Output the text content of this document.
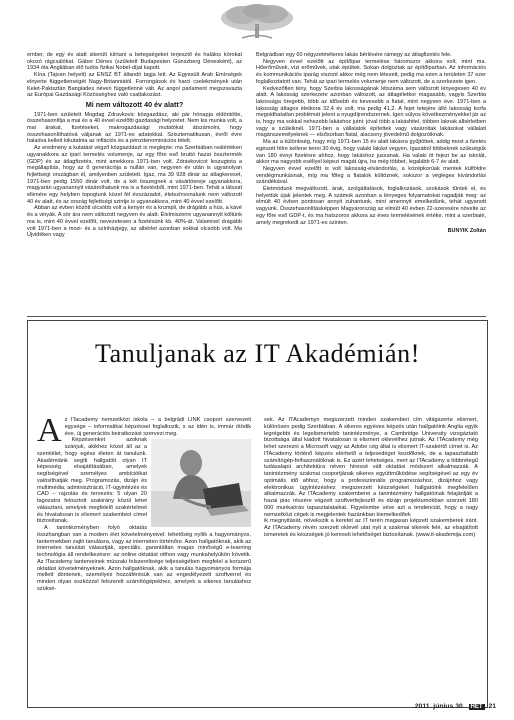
ember, de egy év alatt sikerült kiírtani a betegségeket terjesztő és halálos kórokat okozó rágcsálókat. Gábor Dénes (született Budapesten Günszberg Dénesként), az 1934 óta Angliában élő tudós fizikai Nobel-díjat kapott.

Kína (Tajvan helyett) az ENSZ BT állandó tagja lett. Az Egyesült Arab Emírségek elnyerte függetlenségét Nagy-Britanniától. Forrongások és harci cselekmények után Kelet-Pakisztán Banglades néven függetlenné vált. Az angol parlament megszavazta az Európai Gazdasági Közösséghez való csatlakozást.

Mi nem változott 40 év alatt?

1971-ben született Mogdag Zdravkovic közgazdász, aki pár hónapja eldöntötte, összehasonlítja a mai és a 40 évvel ezelőtti gazdasági helyzetet. Nem kis munka volt, a mai árakat, fizetéseket, makrogazdasági mutatókat átszámolni, hogy összehasonlíthatóvá váljanak az 1971-es adatokkal. Szisztematikusan, évről évre haladva kellett kikutatnia az inflációs és a pénzdenominációs tételt.

Az eredmény a kutatást végző közgazdászt is meglepte: ma Szerbiában reálértéken ugyanakkora az iparí termelés volumenje, az egy főre eső bruttó hazai össztermék (GDP) és az átlagfizetés, mint amekkora 1971-ben volt. Zdravkovicot leszugtota a megállapítás, hogy az ő generációja a nullán van, negyven év után is ugyanolyan fejlettségi országban él, amilyenben született. Igaz, ma 39 928 dinár az átlagkereset, 1971-ben pedig 1550 dinár volt, de a két összegnek a vásárlóereje ugyanakkora, magyarán ugyanannyit vásárolhatunk ma is a fizetésből, mint 1971-ben. Tehát a látszat ellenére egy helyben topogtunk közel fél évszázadot, életszínvonalunk nem változott 40 év alatt, és az ország fejlettségi szintje is ugyanakkora, mint 40 évvel ezelőtt.

Abban az évben között olcsóbb volt a kenyér és a krumpli, de drágább a hús, a kávé és a vinyák. A sör ára nem változott negyven év alatt. Élelmiszerre ugyanannyit költünk ma is, mint 40 évvel ezelőtt, nevezetesen a fizetésünk kb. 40%-át. Valamivel drágább volt 1971-ben a mozi- és a színházjegy, az albérlet azonban sokkal olcsóbb volt. Ma Újvidéken vagy

Belgrádban egy 60 négyzetméteres lakás bérlésére rámegy az átlagfizetés fele.

Negyven évvel ezelőtt az építőipar termelése háromszor akkora volt, mint ma. Hőerőművek, vízi erőművek, utak épültek. Sokan dolgoztak az építőiparban. Az információs és kommunikációs iparág viszont akkor még nem létezett, pedig ma ezen a területen 37 ezer foglalkoztatott van. Tehát az ipari termelés volumenje nem változott, de a szerkezete igen.

Kedvezőtlen tény, hogy Szerbia lakosságának létszáma sem változott lényegesen 40 év alatt. A lakosság szerkezete azonban változott, az átlagéletkor magasabb, vagyis Szerbia lakossága öregebb, több az idősebb és kevesebb a fiatal, mint negyven éve. 1971-ben a lakosság átlagos életkora 32,4 év volt, ma pedig 41,2. A fejet tetejére álló lakosság korfa megoldhatatlan problémát jelent a nyugdíjrendszernek. Igen súlyos következményekkel jár az is, hogy ma sokkal nehezebb lakáshoz jutni: jóval több a lakáshitel, többen laknak albérletben vagy a szüleiknél. 1971-ben a vállalatok építettek vagy vásároltak lakásokat vállalati magánszemélyeknek — elsősorban fiatal, alacsony jövedelmű dolgozóiknak.

Ma az a különbség, hogy míg 1971-ben 15 év alatt lakásra gyűjtöttek, addig most a fizetés egészét félre kellene tenni 30 évig, hogy valaki lakást vegyen. Igazából többeknek szükségük van 180 évnyi fizetésre ahhoz, hogy lakáshoz jussanak. Ha valaki itt fejezi be az iskolát, akkor ma nagyobb eséllyel képezi magát újra, ha még többet, legalább 6-7 év alatt.

Negyven évvel ezelőtt is volt lakosság-elvándorlás, a középkorúak mentek külföldre vendégmunkásnak, míg ma főleg a fiatalok költöznek, sokszor a végleges kivándorlás szándékával.

Életmódunk megváltozott, árak, szolgáltatások, foglalkozások, szokások tűntek el, és helyettük újak jelentek meg. A számok azonban a lényeges folyamatokat ragadják meg: az elmúlt 40 évben pontosan annyit zuhantunk, mint amennyit emelkedünk, tehát ugyanott vagyunk. Összehasonlításképpen Magyarország az elmúlt 40 évben 22-szeresére növelte az egy főre eső GDP-t, és ma hatszoros akkora az éves termelésének értéke, mint a szerbiaié, amely megrekedt az 1971-es szinten.

BUNYIK Zoltán
Tanuljanak az IT Akadémián!

Az ITacademy nemzetközi iskola – a belgrádi LINK csoport szervezeti egysége – informatikai képzéssel foglalkozik, s az idén is, immár ötödik éve, új generációs beiratkozást szervezi meg.

Képzéseinket azoknak szánjuk, akikhez közel áll az a szemlélet, hogy egész életen át tanulunk. Akadémiánk segíti hallgatóit olyan IT képesség elsajátításában, amelyek segítségével személyes ambícióikat valósíthatják meg. Programozás, dizájn és multimédia, adminisztráció, IT-ügyintézés és CAD – rajzolás és tervezés: 5 olyan 20 tagozatra felosztott szakirány közül lehet választani, amelyek megfelelő szakértelmet és hivatalosan is elismert szakemberi címet biztosítanak.

A tanintézményben folyó oktatás összhangban van a modern élet követelményeivel: lehetőség nyílik a hagyományos, tantermekben zajló tanulásra, vagy az interneten történőre. Azon hallgatóknak, akik az internetes tanulást választják, speciális, garantáltan magas minőségű e-learning technológia áll rendelkezésre: az online oktatást otthon vagy munkahelyükön követik. Az ITacademy tanterveinek múszaki felszereltsége teljességében megfelel a korszerű oktatási követelményeknek. Azon hallgatóknak, akik a tanulás hagyományos formája mellett döntenek, személyes hozzáférésük van az engedélyezett szoftverrel és minden olyan eszközzel felszerelt számítógépekhez, amelyek a sikeres tanuláshoz szüksé-

sek. Az ITAcademyn megszerzett minden szakemberi cím világszerte elismert, különösen pedig Szerbiában. A sikeres egyéves képzés után hallgatóink Anglia egyik legrégebbi és legelismertebb tanintézménye, a Cambridge University vizsgáztató bizottsága által kiadott hivatalosan is elismert oklevélhez jutnak. Az ITAcademy még lehet szerezni a Microsoft vagy az Adobe cég által is elismert IT-szakértő címet is. Az ITAcademy történő képzés elérhető a teljesedéget kezdőknek, de a tapasztaltabb számítógép-felhasználóknak is. Ez azért lehetséges, mert az ITAcademy a többrétegű tudásalapú architektúra néven híressé vált oktatási módszert alkalmazzák. A tanintézmény szakmai csoportjának sikeres együttműködése segítségével az egy év optimális idő ahhoz, hogy a professzionális programozáshoz, dizájnhoz vagy elektronikus ügyintézéshez megszerzett készségeket hallgatóink megfelelően alkalmazzák. Az ITAcademy szakemberei a tanintézmény hallgatóinak felajánlják a hazai piac részére végzett szoftverfejlesztő és dizájn projektumokban szerzett 180 000 munkaórás tapasztalataikat. Figyelembe véve azt a tendenciát, hogy a nagy nemzetközi cégek is megjelentek hazánkban kiemelkedőek

ik megnyitását, növekszik a keretet az IT terén magasan képzett szakemberek iránt. Az ITAcademy révén szerzett oklevél utat nyit a szakmai sikerek felé, az elsajátított ismeretek és készségek jó kereseti lehetőséget biztosítanak. (www.it-akademija.com)

2011. június 30. HÉT 21
